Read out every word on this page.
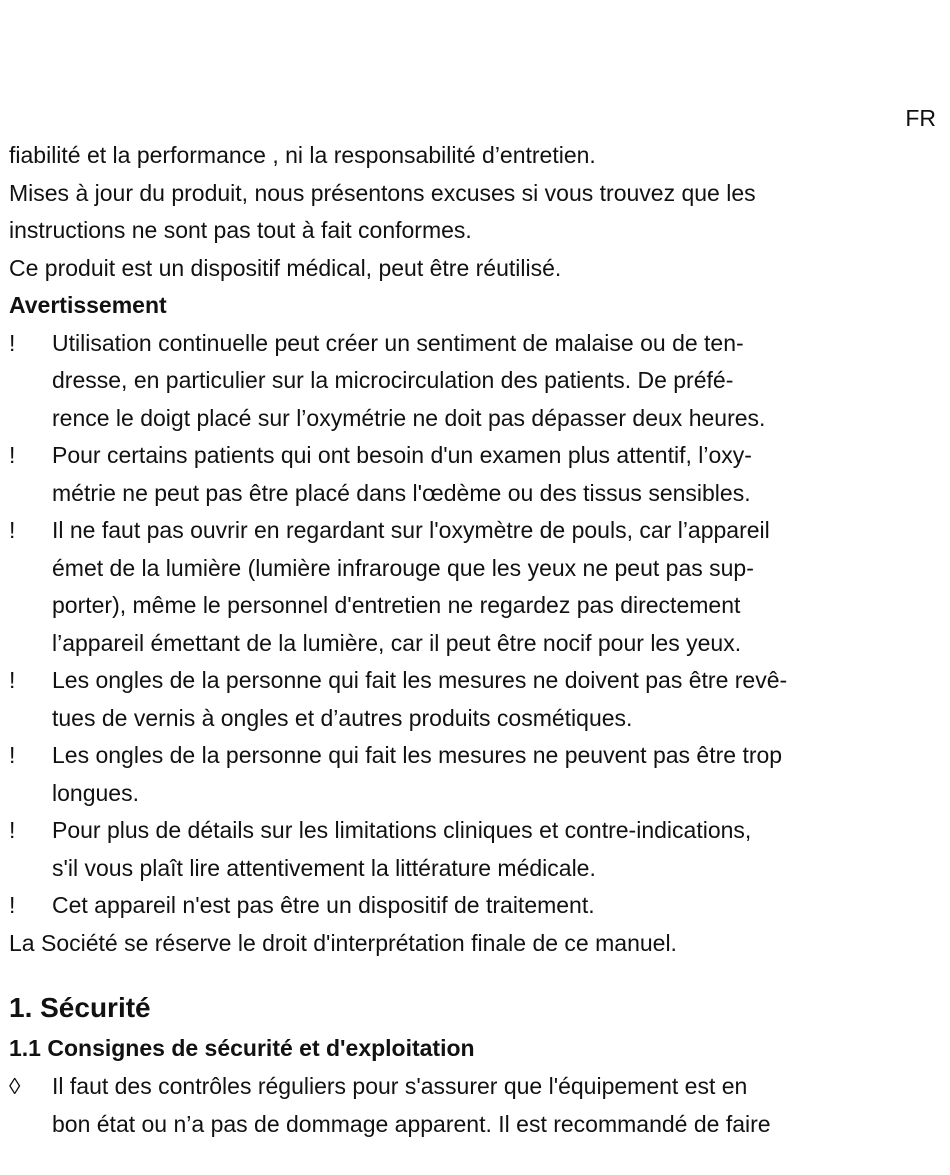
FR

fiabilité et la performance , ni la responsabilité d’entretien.

Mises à jour du produit, nous présentons excuses si vous trouvez que les

instructions ne sont pas tout à fait conformes.

Ce produit est un dispositif médical, peut être réutilisé.

Avertissement

!	Utilisation continuelle peut créer un sentiment de malaise ou de ten-
dresse, en particulier sur la microcirculation des patients. De préfé-
rence le doigt placé sur l’oxymétrie ne doit pas dépasser deux heures.
!	Pour certains patients qui ont besoin d'un examen plus attentif, l’oxy-
métrie ne peut pas être placé dans l'œdème ou des tissus sensibles.
!	Il ne faut pas ouvrir en regardant sur l'oxymètre de pouls, car l’appareil
émet de la lumière (lumière infrarouge que les yeux ne peut pas sup-
porter), même le personnel d'entretien ne regardez pas directement
l’appareil émettant de la lumière, car il peut être nocif pour les yeux.
!	Les ongles de la personne qui fait les mesures ne doivent pas être revê-
tues de vernis à ongles et d’autres produits cosmétiques.
!	Les ongles de la personne qui fait les mesures ne peuvent pas être trop
longues.
!	Pour plus de détails sur les limitations cliniques et contre-indications,
s'il vous plaît lire attentivement la littérature médicale.
!	Cet appareil n'est pas être un dispositif de traitement.

La Société se réserve le droit d'interprétation finale de ce manuel.

1. Sécurité

1.1 Consignes de sécurité et d'exploitation

◊	Il faut des contrôles réguliers pour s'assurer que l'équipement est en
bon état ou n’a pas de dommage apparent. Il est recommandé de faire
